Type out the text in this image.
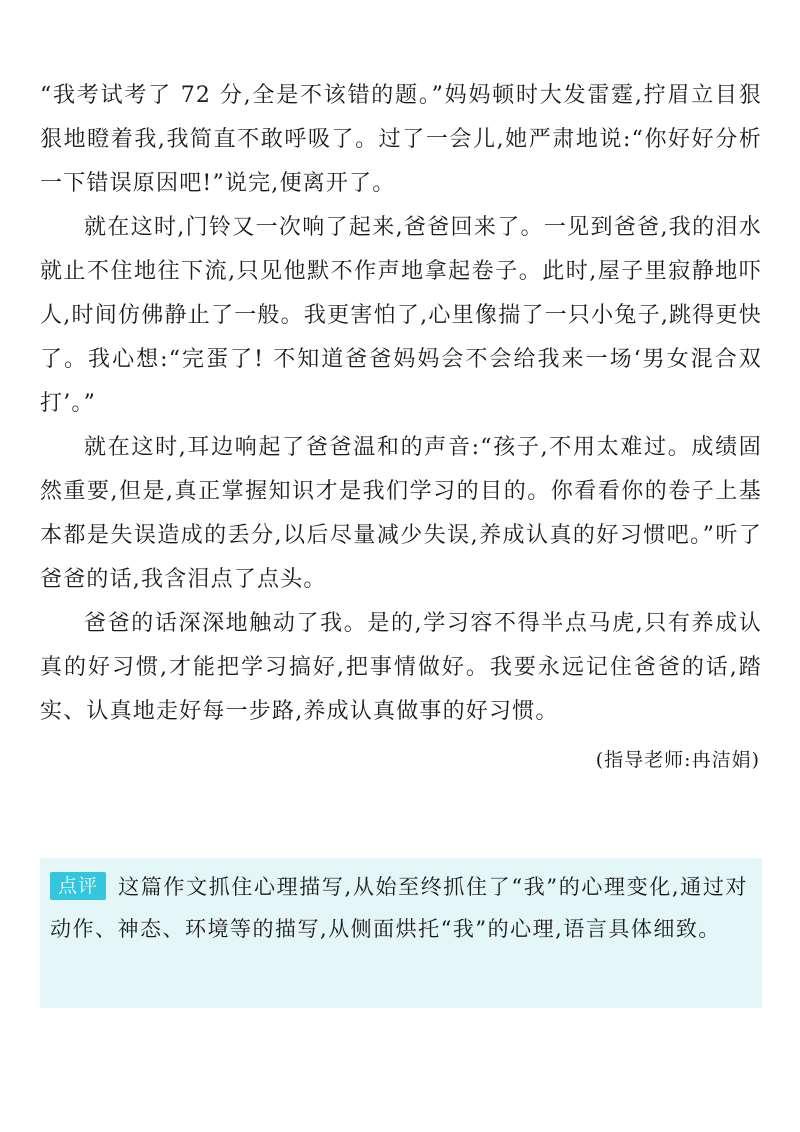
“我考试考了 72 分,全是不该错的题。”妈妈顿时大发雷霆,拧眉立目狠狠地瞪着我,我简直不敢呼吸了。过了一会儿,她严肃地说:“你好好分析一下错误原因吧!”说完,便离开了。

就在这时,门铃又一次响了起来,爸爸回来了。一见到爸爸,我的泪水就止不住地往下流,只见他默不作声地拿起卷子。此时,屋子里寂静地吓人,时间仿佛静止了一般。我更害怕了,心里像揣了一只小兔子,跳得更快了。我心想:“完蛋了! 不知道爸爸妈妈会不会给我来一场‘男女混合双打’。”

就在这时,耳边响起了爸爸温和的声音:“孩子,不用太难过。成绩固然重要,但是,真正掌握知识才是我们学习的目的。你看看你的卷子上基本都是失误造成的丢分,以后尽量减少失误,养成认真的好习惯吧。”听了爸爸的话,我含泪点了点头。

爸爸的话深深地触动了我。是的,学习容不得半点马虎,只有养成认真的好习惯,才能把学习搞好,把事情做好。我要永远记住爸爸的话,踏实、认真地走好每一步路,养成认真做事的好习惯。

(指导老师:冉洁娟)

点评 这篇作文抓住心理描写,从始至终抓住了“我”的心理变化,通过对动作、神态、环境等的描写,从侧面烘托“我”的心理,语言具体细致。
